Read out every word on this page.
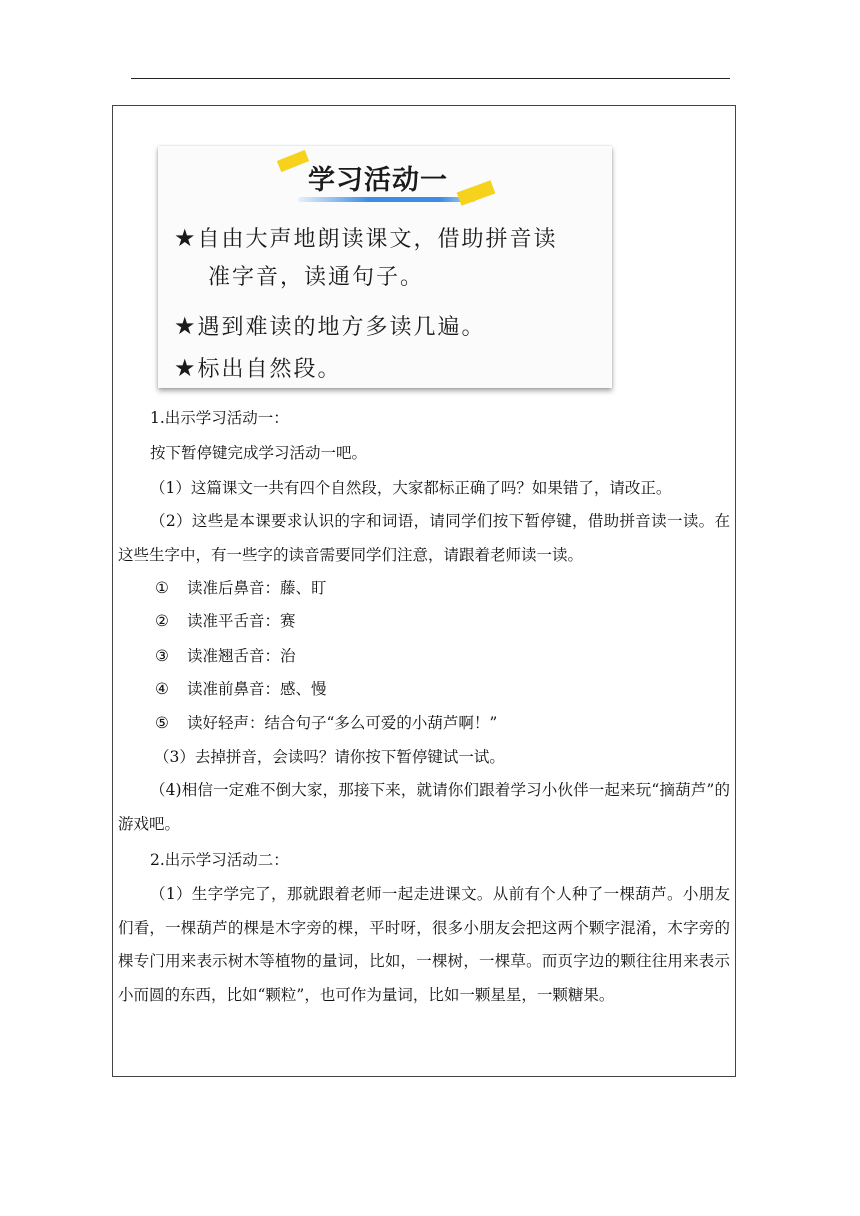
学习活动一
★自由大声地朗读课文，借助拼音读
准字音，读通句子。
★遇到难读的地方多读几遍。
★标出自然段。
1.出示学习活动一：
按下暂停键完成学习活动一吧。
（1）这篇课文一共有四个自然段，大家都标正确了吗？如果错了，请改正。
（2）这些是本课要求认识的字和词语，请同学们按下暂停键，借助拼音读一读。在这些生字中，有一些字的读音需要同学们注意，请跟着老师读一读。
① 读准后鼻音：藤、盯
② 读准平舌音：赛
③ 读准翘舌音：治
④ 读准前鼻音：感、慢
⑤ 读好轻声：结合句子“多么可爱的小葫芦啊！”
（3）去掉拼音，会读吗？请你按下暂停键试一试。
（4)相信一定难不倒大家，那接下来，就请你们跟着学习小伙伴一起来玩“摘葫芦”的游戏吧。
2.出示学习活动二：
（1）生字学完了，那就跟着老师一起走进课文。从前有个人种了一棵葫芦。小朋友们看，一棵葫芦的棵是木字旁的棵，平时呀，很多小朋友会把这两个颗字混淆，木字旁的棵专门用来表示树木等植物的量词，比如，一棵树，一棵草。而页字边的颗往往用来表示小而圆的东西，比如“颗粒”，也可作为量词，比如一颗星星，一颗糖果。
